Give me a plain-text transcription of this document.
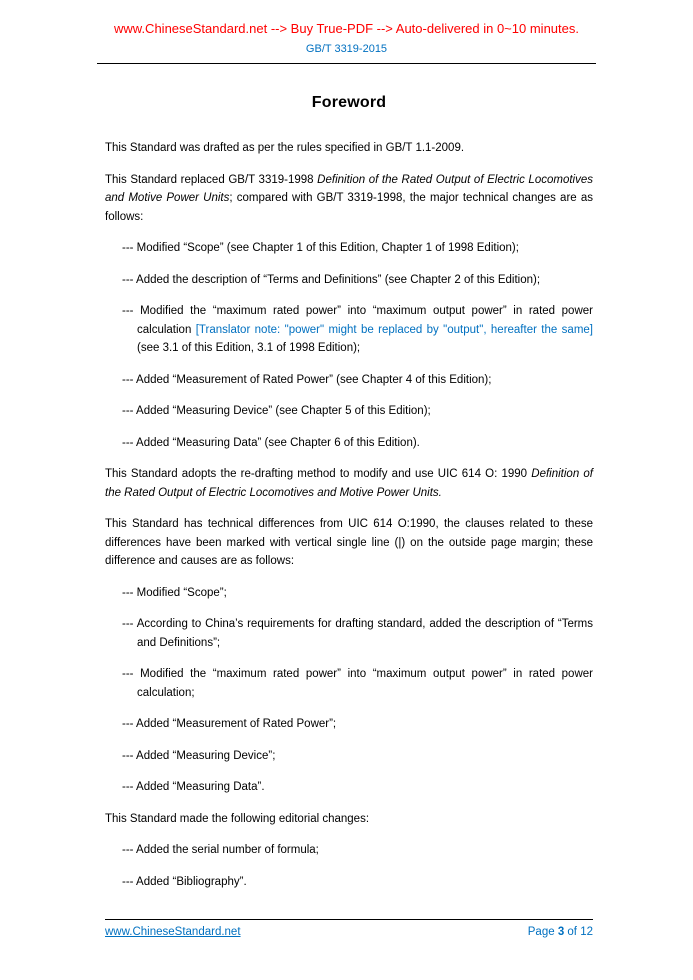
www.ChineseStandard.net --> Buy True-PDF --> Auto-delivered in 0~10 minutes.
GB/T 3319-2015
Foreword

This Standard was drafted as per the rules specified in GB/T 1.1-2009.

This Standard replaced GB/T 3319-1998 Definition of the Rated Output of Electric Locomotives and Motive Power Units; compared with GB/T 3319-1998, the major technical changes are as follows:

--- Modified “Scope” (see Chapter 1 of this Edition, Chapter 1 of 1998 Edition);

--- Added the description of “Terms and Definitions” (see Chapter 2 of this Edition);

--- Modified the “maximum rated power” into “maximum output power” in rated power calculation [Translator note: "power" might be replaced by "output", hereafter the same] (see 3.1 of this Edition, 3.1 of 1998 Edition);

--- Added “Measurement of Rated Power” (see Chapter 4 of this Edition);

--- Added “Measuring Device” (see Chapter 5 of this Edition);

--- Added “Measuring Data” (see Chapter 6 of this Edition).

This Standard adopts the re-drafting method to modify and use UIC 614 O: 1990 Definition of the Rated Output of Electric Locomotives and Motive Power Units.

This Standard has technical differences from UIC 614 O:1990, the clauses related to these differences have been marked with vertical single line (|) on the outside page margin; these difference and causes are as follows:

--- Modified “Scope”;

--- According to China’s requirements for drafting standard, added the description of “Terms and Definitions”;

--- Modified the “maximum rated power” into “maximum output power” in rated power calculation;

--- Added “Measurement of Rated Power”;

--- Added “Measuring Device”;

--- Added “Measuring Data”.

This Standard made the following editorial changes:

--- Added the serial number of formula;

--- Added “Bibliography”.

www.ChineseStandard.net	Page 3 of 12
